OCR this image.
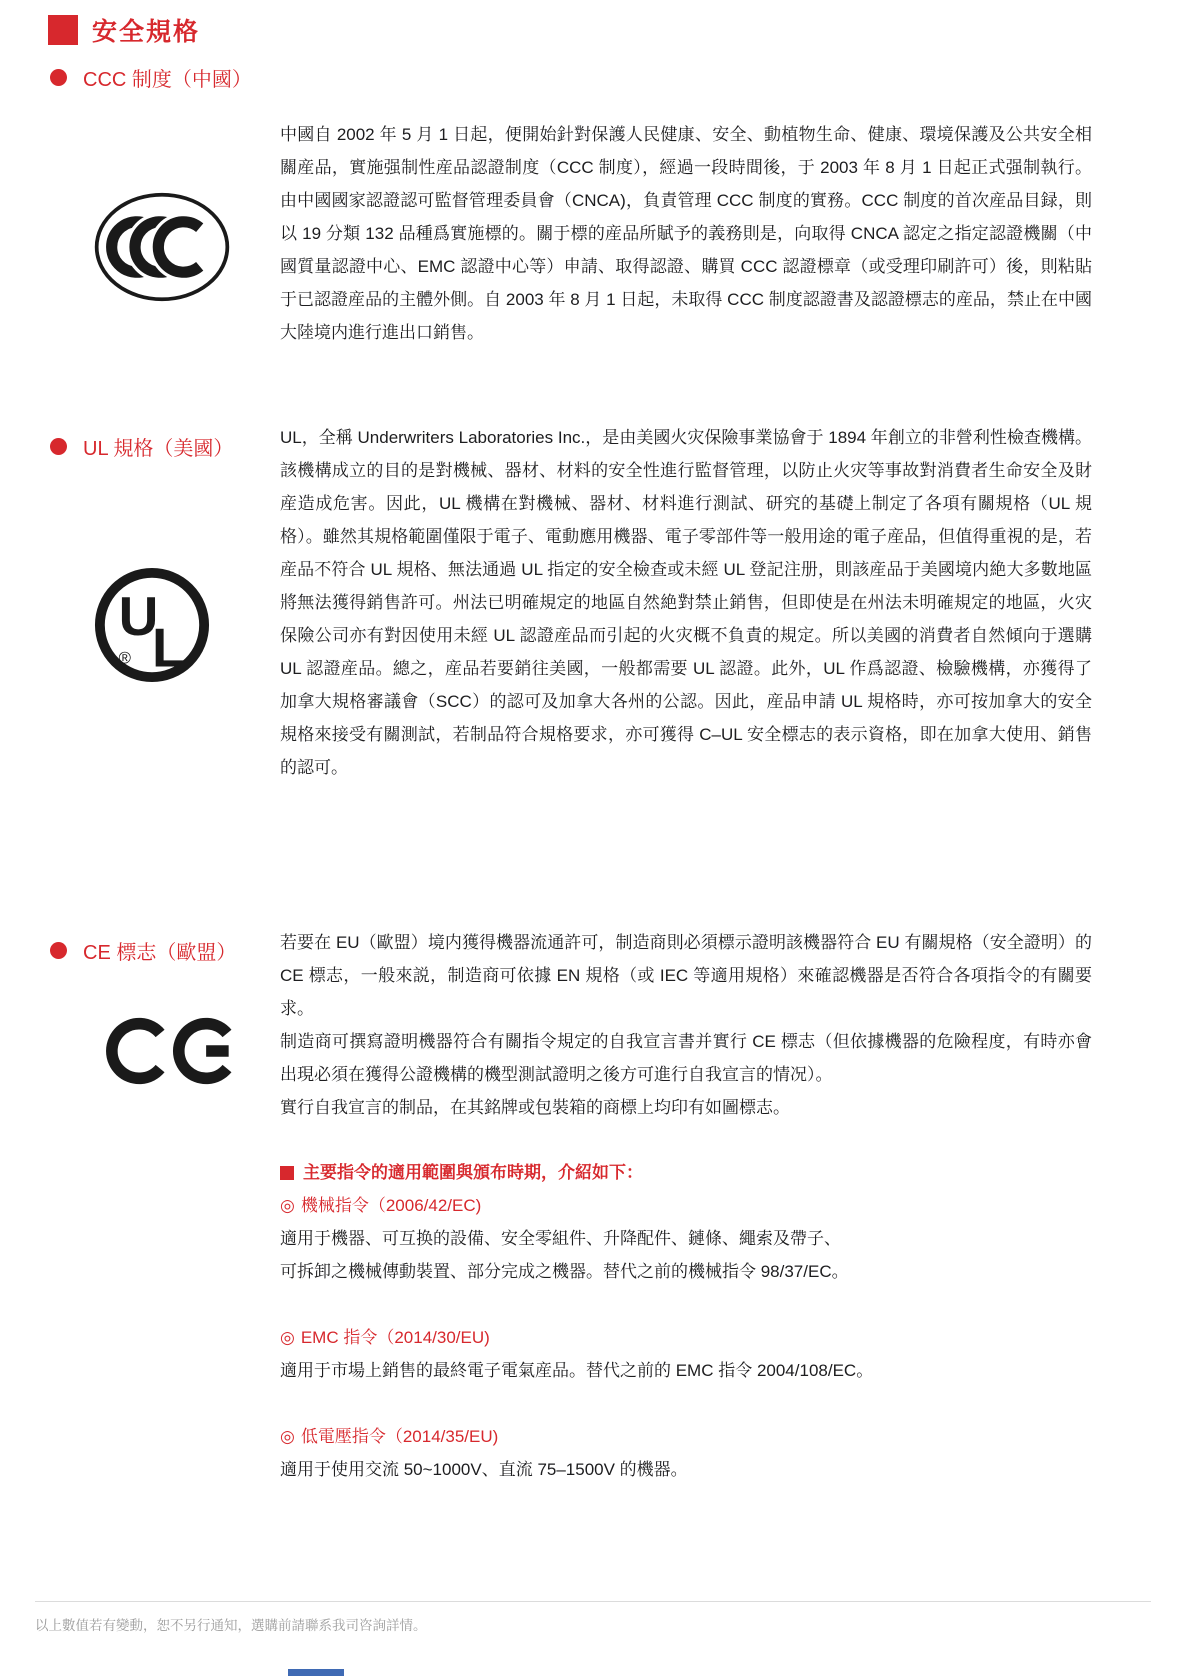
安全規格
CCC 制度（中國）
中國自 2002 年 5 月 1 日起，便開始針對保護人民健康、安全、動植物生命、健康、環境保護及公共安全相關産品，實施强制性産品認證制度（CCC 制度），經過一段時間後，于 2003 年 8 月 1 日起正式强制執行。由中國國家認證認可監督管理委員會（CNCA)，負責管理 CCC 制度的實務。CCC 制度的首次産品目録，則以 19 分類 132 品種爲實施標的。關于標的産品所賦予的義務則是，向取得 CNCA 認定之指定認證機關（中國質量認證中心、EMC 認證中心等）申請、取得認證、購買 CCC 認證標章（或受理印刷許可）後，則粘貼于已認證産品的主體外側。自 2003 年 8 月 1 日起，未取得 CCC 制度認證書及認證標志的産品，禁止在中國大陸境内進行進出口銷售。
UL 規格（美國）
U
L
®
UL，全稱 Underwriters Laboratories Inc.，是由美國火灾保險事業協會于 1894 年創立的非營利性檢查機構。該機構成立的目的是對機械、器材、材料的安全性進行監督管理，以防止火灾等事故對消費者生命安全及財産造成危害。因此，UL 機構在對機械、器材、材料進行測試、研究的基礎上制定了各項有關規格（UL 規格）。雖然其規格範圍僅限于電子、電動應用機器、電子零部件等一般用途的電子産品，但值得重視的是，若産品不符合 UL 規格、無法通過 UL 指定的安全檢查或未經 UL 登記注册，則該産品于美國境内絶大多數地區將無法獲得銷售許可。州法已明確規定的地區自然絶對禁止銷售，但即使是在州法未明確規定的地區，火灾保險公司亦有對因使用未經 UL 認證産品而引起的火灾概不負責的規定。所以美國的消費者自然傾向于選購 UL 認證産品。總之，産品若要銷往美國，一般都需要 UL 認證。此外，UL 作爲認證、檢驗機構，亦獲得了加拿大規格審議會（SCC）的認可及加拿大各州的公認。因此，産品申請 UL 規格時，亦可按加拿大的安全規格來接受有關測試，若制品符合規格要求，亦可獲得 C–UL 安全標志的表示資格，即在加拿大使用、銷售的認可。
CE 標志（歐盟）	若要在 EU（歐盟）境内獲得機器流通許可，制造商則必須標示證明該機器符合 EU 有關規格（安全證明）的 CE 標志，一般來説，制造商可依據 EN 規格（或 IEC 等適用規格）來確認機器是否符合各項指令的有關要求。

制造商可撰寫證明機器符合有關指令規定的自我宣言書并實行 CE 標志（但依據機器的危險程度，有時亦會出現必須在獲得公證機構的機型測試證明之後方可進行自我宣言的情况）。

實行自我宣言的制品，在其銘牌或包裝箱的商標上均印有如圖標志。

主要指令的適用範圍與頒布時期，介紹如下：
◎ 機械指令（2006/42/EC)
適用于機器、可互换的設備、安全零組件、升降配件、鏈條、繩索及帶子、
可拆卸之機械傳動裝置、部分完成之機器。替代之前的機械指令 98/37/EC。
◎ EMC 指令（2014/30/EU)
適用于市場上銷售的最終電子電氣産品。替代之前的 EMC 指令 2004/108/EC。
◎ 低電壓指令（2014/35/EU)
適用于使用交流 50~1000V、直流 75–1500V 的機器。
以上數值若有變動，恕不另行通知，選購前請聯系我司咨詢詳情。
